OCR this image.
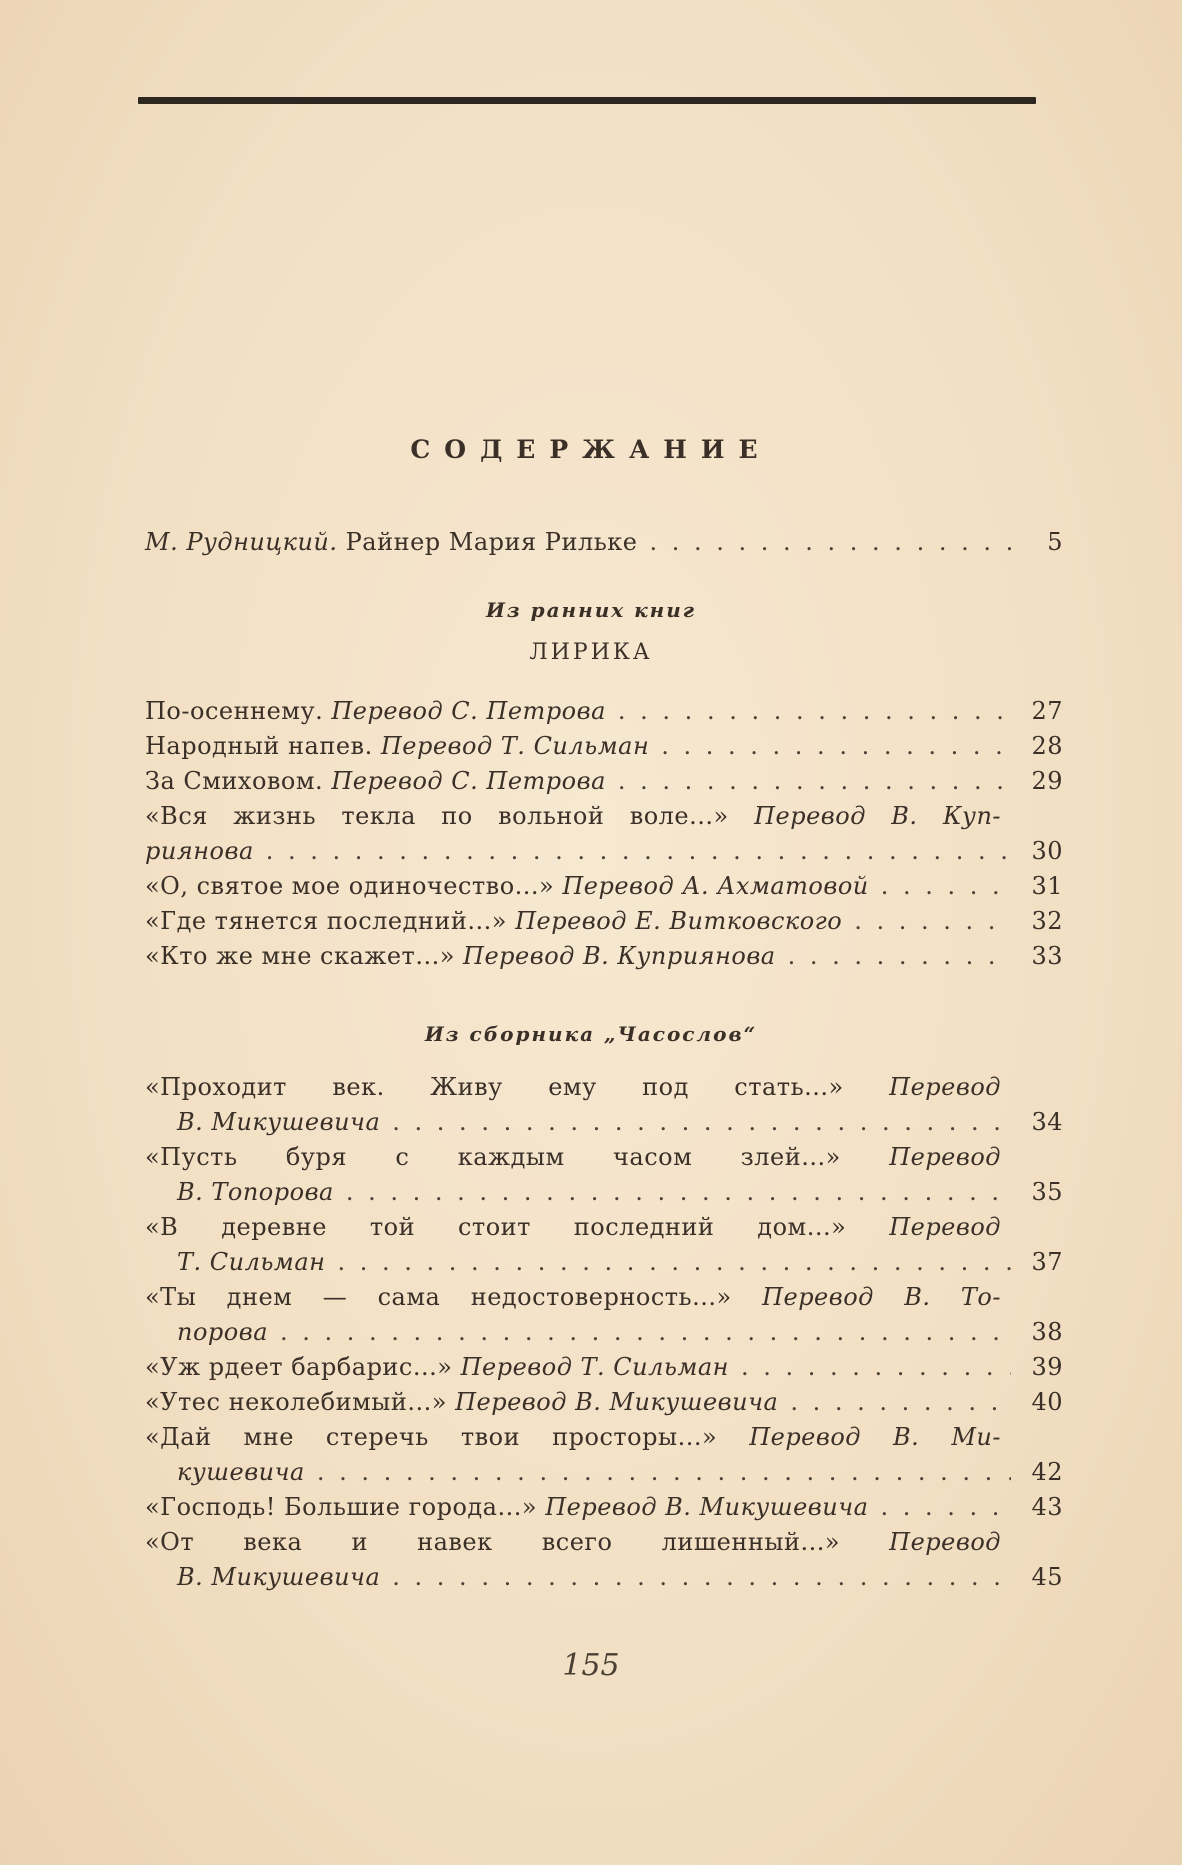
СОДЕРЖАНИЕ
М. Рудницкий. Райнер Мария Рильке . . .	5
Из ранних книг
ЛИРИКА
По-осеннему. Перевод С. Петрова . . .	27
Народный напев. Перевод Т. Сильман . . .	28
За Смиховом. Перевод С. Петрова . . .	29
«Вся жизнь текла по вольной воле...» Перевод В. Куп-
риянова . . .	30
«О, святое мое одиночество...» Перевод А. Ахматовой . . .	31
«Где тянется последний...» Перевод Е. Витковского . . .	32
«Кто же мне скажет...» Перевод В. Куприянова . . .	33
Из сборника „Часослов“
«Проходит век. Живу ему под стать...» Перевод
В. Микушевича . . .	34
«Пусть буря с каждым часом злей...» Перевод
В. Топорова . . .	35
«В деревне той стоит последний дом...» Перевод
Т. Сильман . . .	37
«Ты днем — сама недостоверность...» Перевод В. То-
порова . . .	38
«Уж рдеет барбарис...» Перевод Т. Сильман . . .	39
«Утес неколебимый...» Перевод В. Микушевича . . .	40
«Дай мне стеречь твои просторы...» Перевод В. Ми-
кушевича . . .	42
«Господь! Большие города...» Перевод В. Микушевича . . .	43
«От века и навек всего лишенный...» Перевод
В. Микушевича . . .	45
155
